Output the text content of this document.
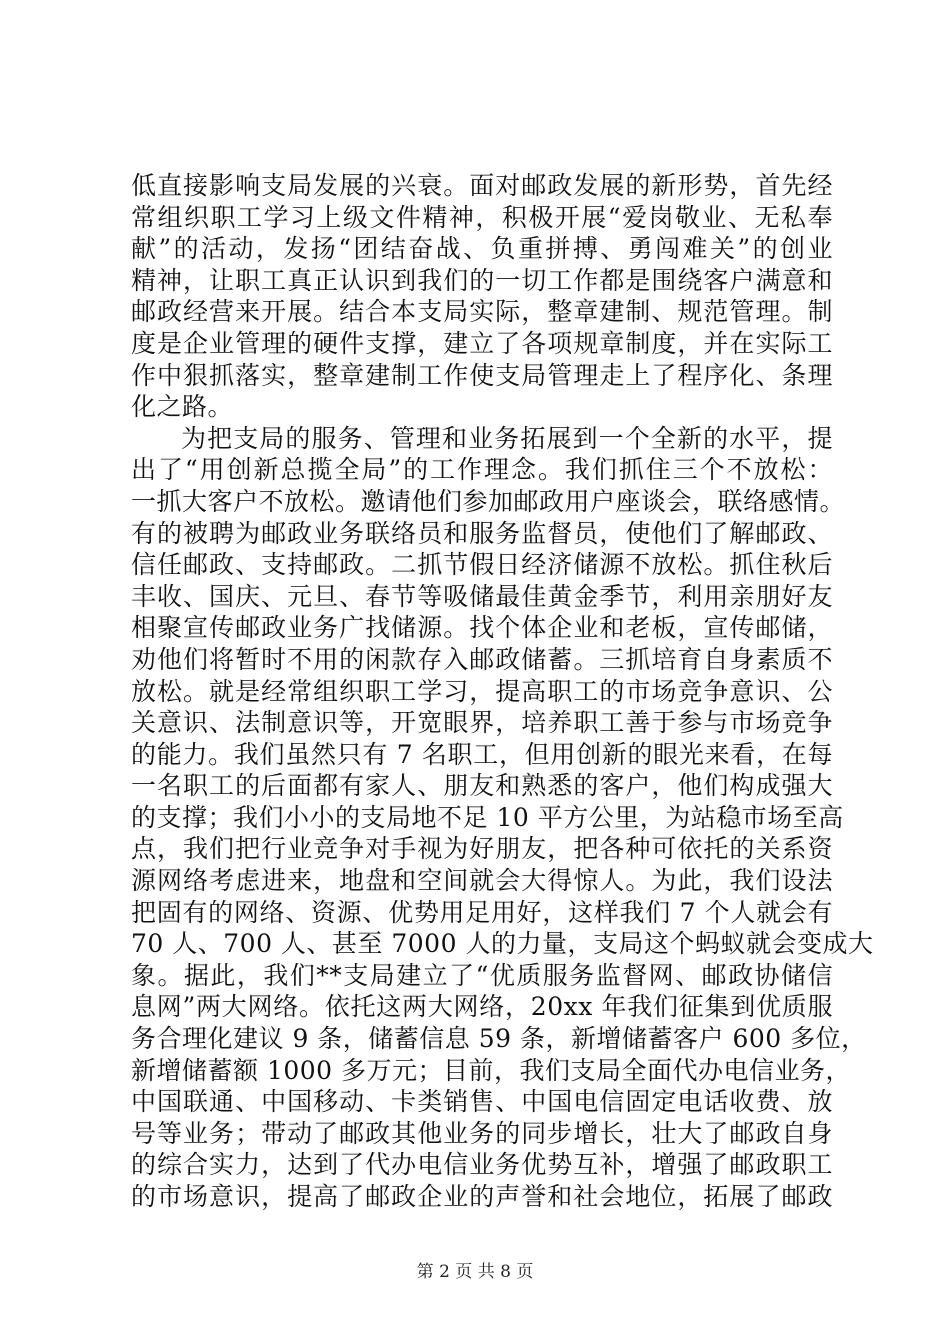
低直接影响支局发展的兴衰。面对邮政发展的新形势，首先经
常组织职工学习上级文件精神，积极开展“爱岗敬业、无私奉
献”的活动，发扬“团结奋战、负重拼搏、勇闯难关”的创业
精神，让职工真正认识到我们的一切工作都是围绕客户满意和
邮政经营来开展。结合本支局实际，整章建制、规范管理。制
度是企业管理的硬件支撑，建立了各项规章制度，并在实际工
作中狠抓落实，整章建制工作使支局管理走上了程序化、条理
化之路。
为把支局的服务、管理和业务拓展到一个全新的水平，提
出了“用创新总揽全局”的工作理念。我们抓住三个不放松：
一抓大客户不放松。邀请他们参加邮政用户座谈会，联络感情。
有的被聘为邮政业务联络员和服务监督员，使他们了解邮政、
信任邮政、支持邮政。二抓节假日经济储源不放松。抓住秋后
丰收、国庆、元旦、春节等吸储最佳黄金季节，利用亲朋好友
相聚宣传邮政业务广找储源。找个体企业和老板，宣传邮储，
劝他们将暂时不用的闲款存入邮政储蓄。三抓培育自身素质不
放松。就是经常组织职工学习，提高职工的市场竞争意识、公
关意识、法制意识等，开宽眼界，培养职工善于参与市场竞争
的能力。我们虽然只有 7 名职工，但用创新的眼光来看，在每
一名职工的后面都有家人、朋友和熟悉的客户，他们构成强大
的支撑；我们小小的支局地不足 10 平方公里，为站稳市场至高
点，我们把行业竞争对手视为好朋友，把各种可依托的关系资
源网络考虑进来，地盘和空间就会大得惊人。为此，我们设法
把固有的网络、资源、优势用足用好，这样我们 7 个人就会有
70 人、700 人、甚至 7000 人的力量，支局这个蚂蚁就会变成大
象。据此，我们**支局建立了“优质服务监督网、邮政协储信
息网”两大网络。依托这两大网络，20xx 年我们征集到优质服
务合理化建议 9 条，储蓄信息 59 条，新增储蓄客户 600 多位，
新增储蓄额 1000 多万元；目前，我们支局全面代办电信业务，
中国联通、中国移动、卡类销售、中国电信固定电话收费、放
号等业务；带动了邮政其他业务的同步增长，壮大了邮政自身
的综合实力，达到了代办电信业务优势互补，增强了邮政职工
的市场意识，提高了邮政企业的声誉和社会地位，拓展了邮政
第 2 页 共 8 页
